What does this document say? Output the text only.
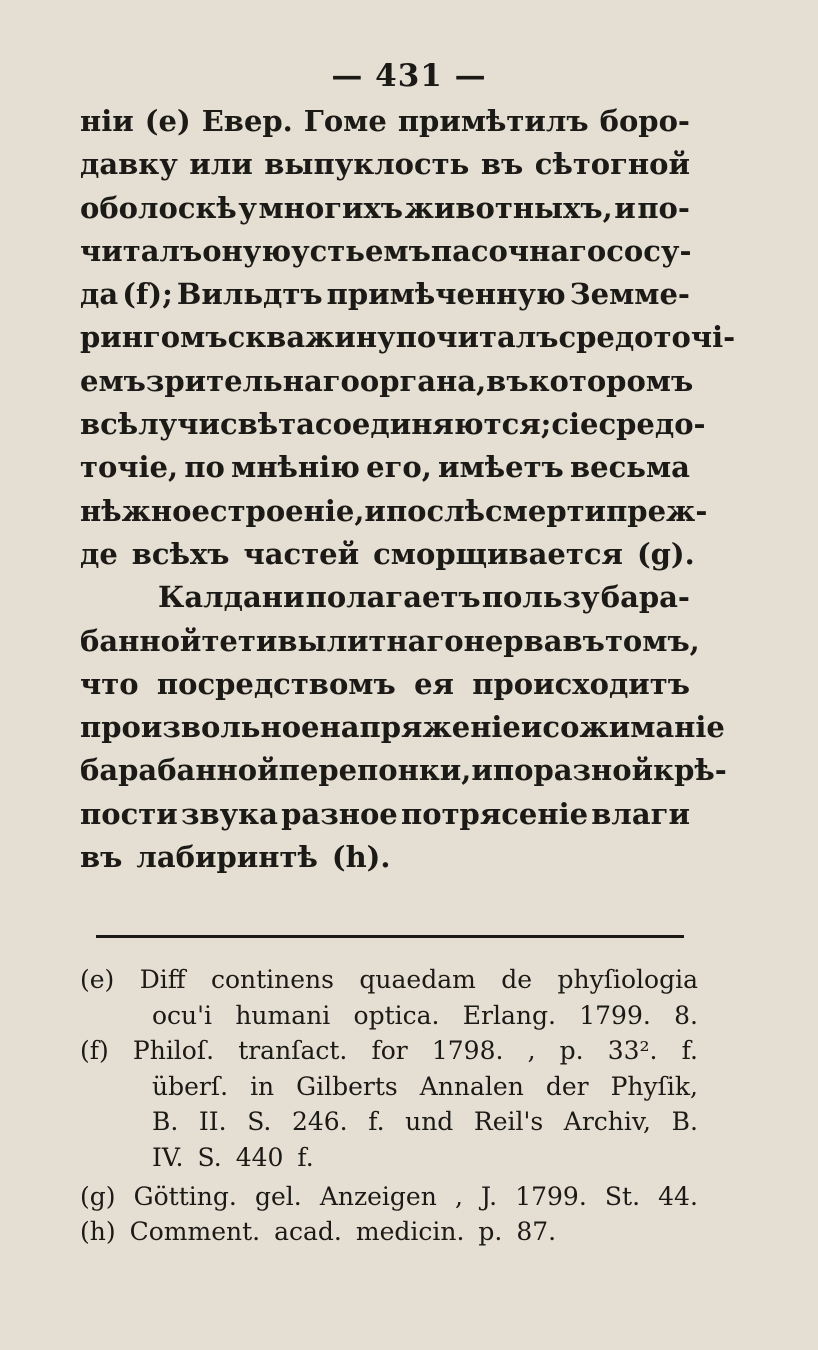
— 431 —
ніи (e) Евер. Гоме примѣтилъ боро-
давку или выпуклость въ сѣтогной
оболоскѣ у многихъ животныхъ, и по-
читалъ оную устьемъ пасочнаго сосу-
да (f); Вильдтъ примѣченную Земме-
рингомъ скважину почиталъ средоточі-
емъ зрительнаго органа, въ которомъ
всѣ лучи свѣта соединяются; сіе средо-
точіе, по мнѣнію его, имѣетъ весьма
нѣжное строеніе, и послѣ смерти преж-
де всѣхъ частей сморщивается (g).
Калдани полагаетъ пользу бара-
банной тетивы литнаго нерва въ томъ,
что посредствомъ ея происходитъ
произвольное напряженіе и сожиманіе
барабанной перепонки, и по разной крѣ-
пости звука разное потрясеніе влаги
въ лабиринтѣ (h).
(e) Diff continens quaedam de phyſiologia
ocu'i humani optica. Erlang. 1799. 8.
(f) Philoſ. tranſact. for 1798. , p. 33². f.
überſ. in Gilberts Annalen der Phyſik,
B. II. S. 246. f. und Reil's Archiv, B.
IV. S. 440 f.
(g) Götting. gel. Anzeigen , J. 1799. St. 44.
(h) Comment. acad. medicin. p. 87.
